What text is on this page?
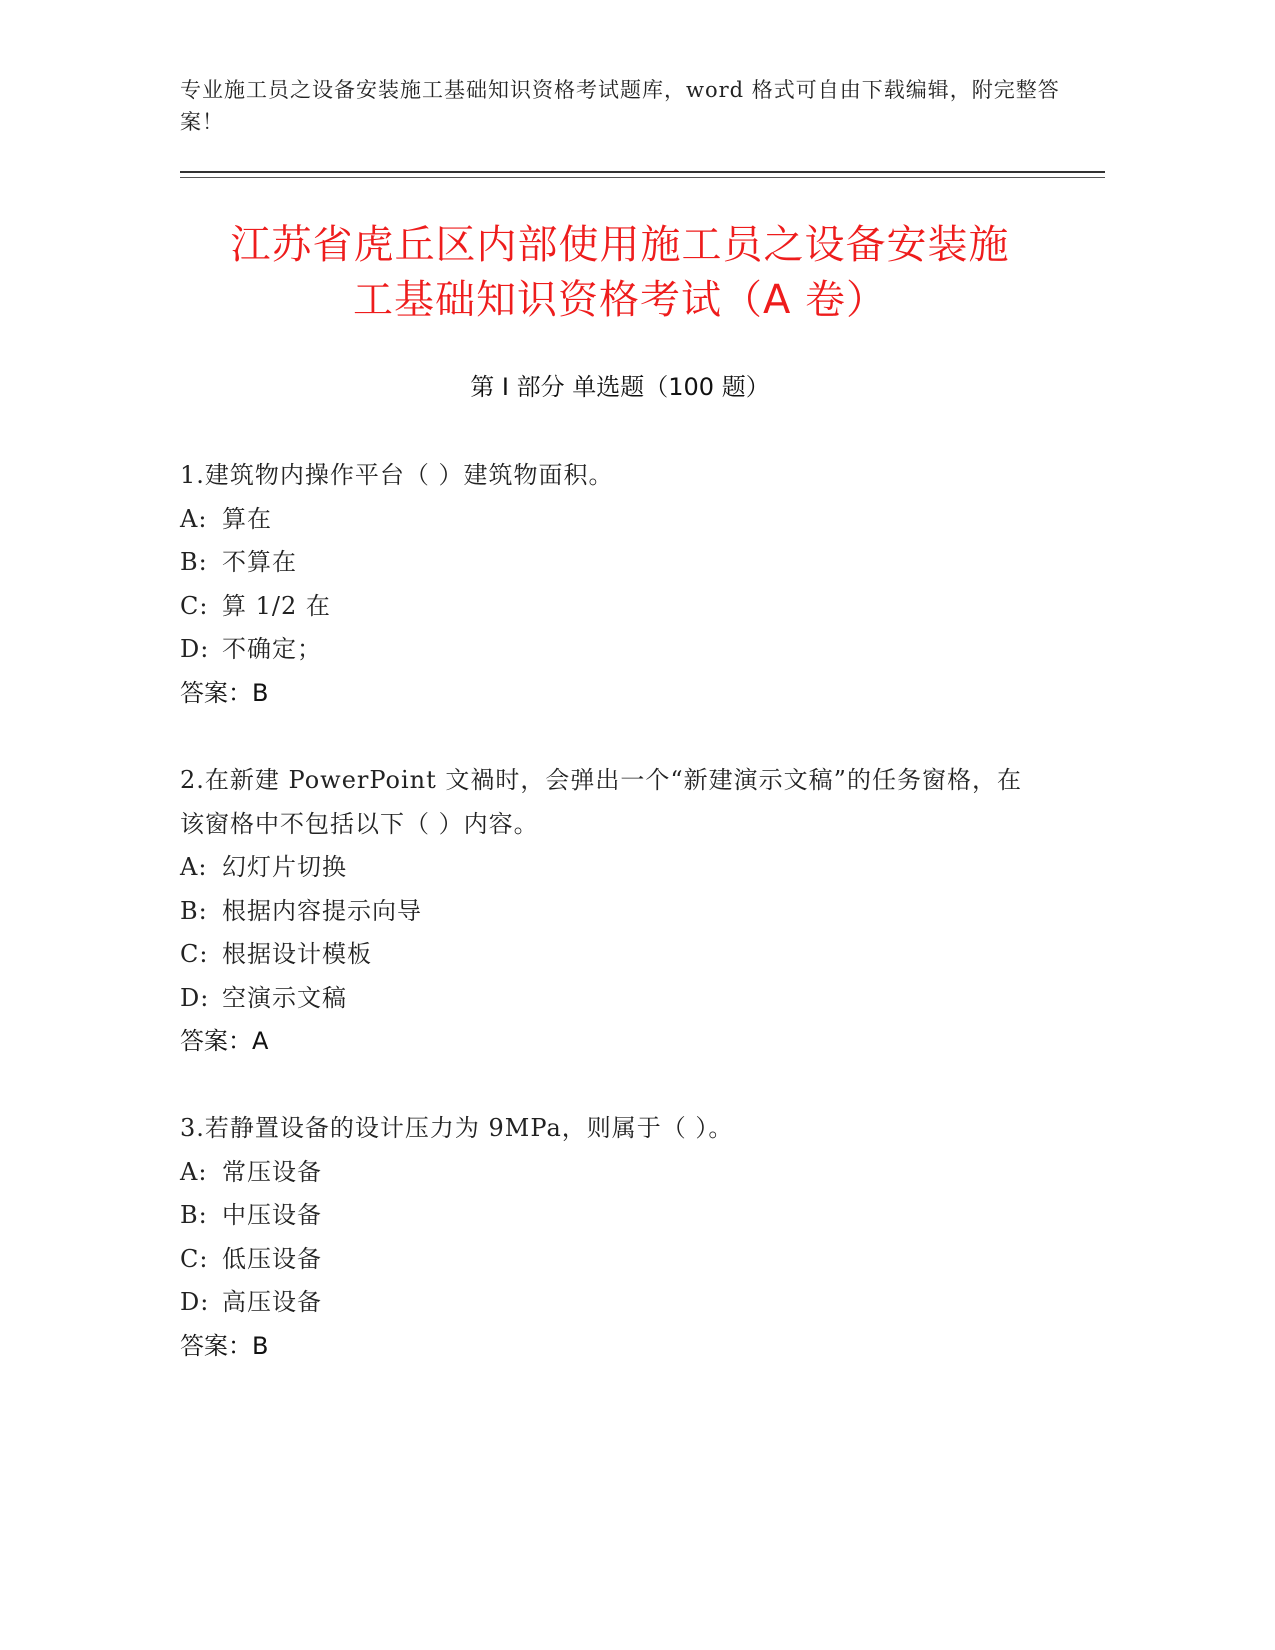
专业施工员之设备安装施工基础知识资格考试题库，word 格式可自由下载编辑，附完整答案！
江苏省虎丘区内部使用施工员之设备安装施
工基础知识资格考试（A 卷）
第 I 部分 单选题（100 题）

1.建筑物内操作平台（ ）建筑物面积。

A: 算在

B: 不算在

C: 算 1/2 在

D: 不确定；

答案：B

2.在新建 PowerPoint 文禍时，会弹出一个“新建演示文稿”的任务窗格，在该窗格中不包括以下（ ）内容。

A: 幻灯片切换

B: 根据内容提示向导

C: 根据设计模板

D: 空演示文稿

答案：A

3.若静置设备的设计压力为 9MPa，则属于（ ）。

A: 常压设备

B: 中压设备

C: 低压设备

D: 高压设备

答案：B
